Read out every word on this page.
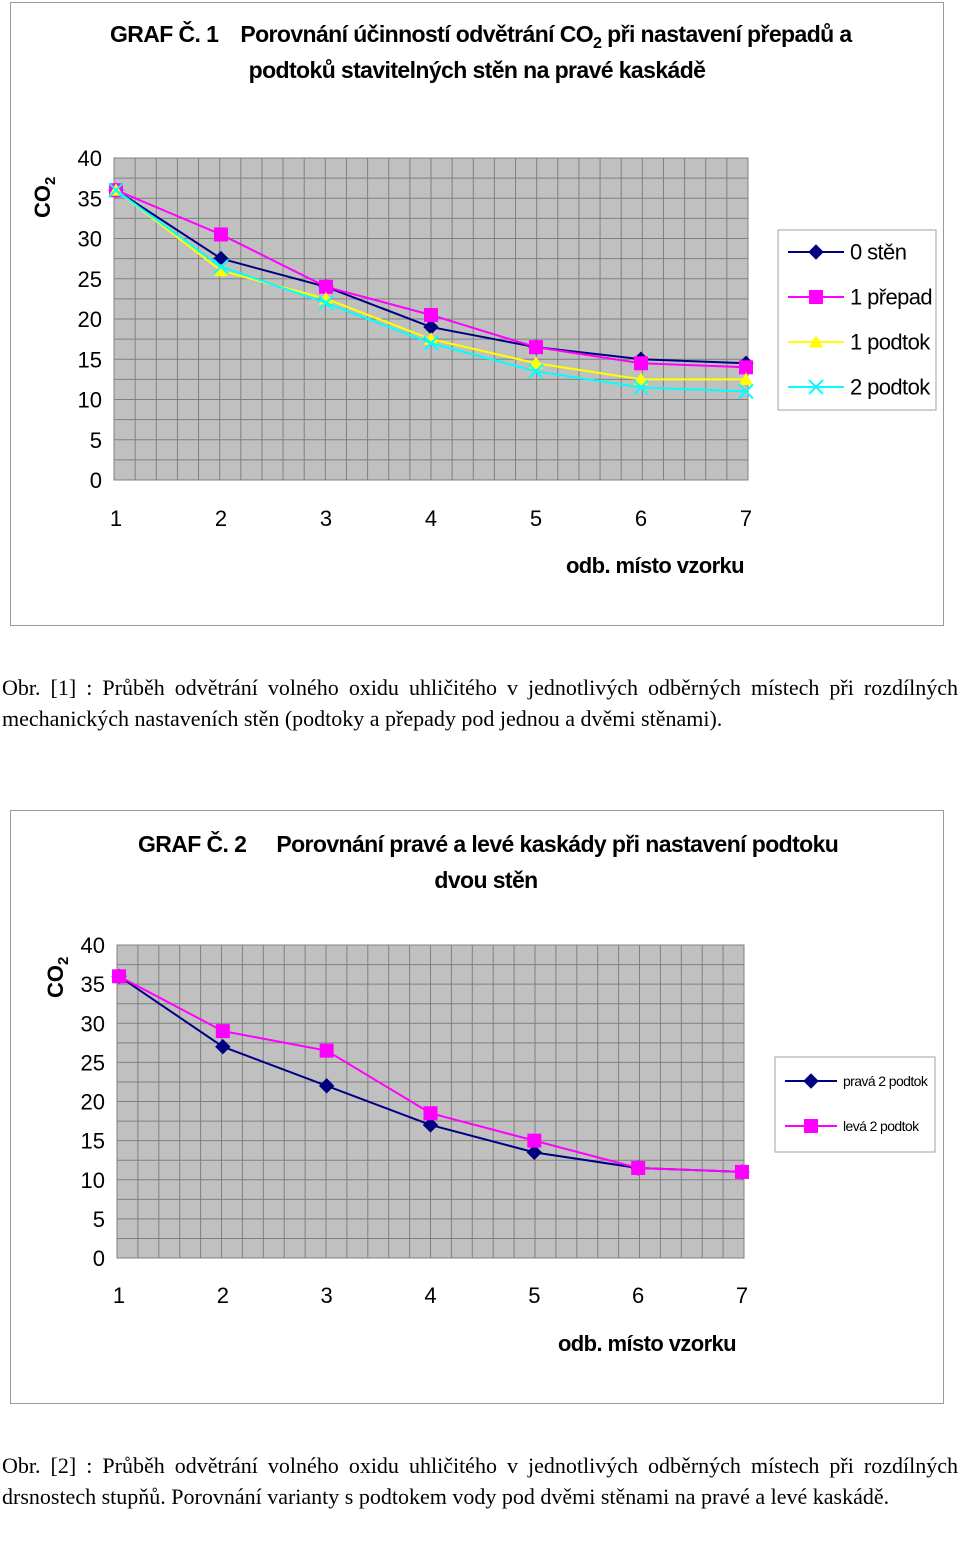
GRAF Č. 1 Porovnání účinností odvětrání $CO_2$ při nastavení přepadů a
podtoků stavitelných stěn na pravé kaskádě
0
5
10
15
20
25
30
35
40
1	2	3	4	5	6	7
$CO_2$
odb. místo vzorku
0 stěn
1 přepad
1 podtok
2 podtok
GRAF Č. 2 Porovnání pravé a levé kaskády při nastavení podtoku
dvou stěn
0
5
10
15
20
25
30
35
40
1	2	3	4	5	6	7
$CO_2$
odb. místo vzorku
pravá 2 podtok
levá 2 podtok
Obr. [1] : Průběh odvětrání volného oxidu uhličitého v jednotlivých odběrných místech při rozdílných mechanických nastaveních stěn (podtoky a přepady pod jednou a dvěmi stěnami).
Obr. [2] : Průběh odvětrání volného oxidu uhličitého v jednotlivých odběrných místech při rozdílných drsnostech stupňů. Porovnání varianty s podtokem vody pod dvěmi stěnami na pravé a levé kaskádě.
